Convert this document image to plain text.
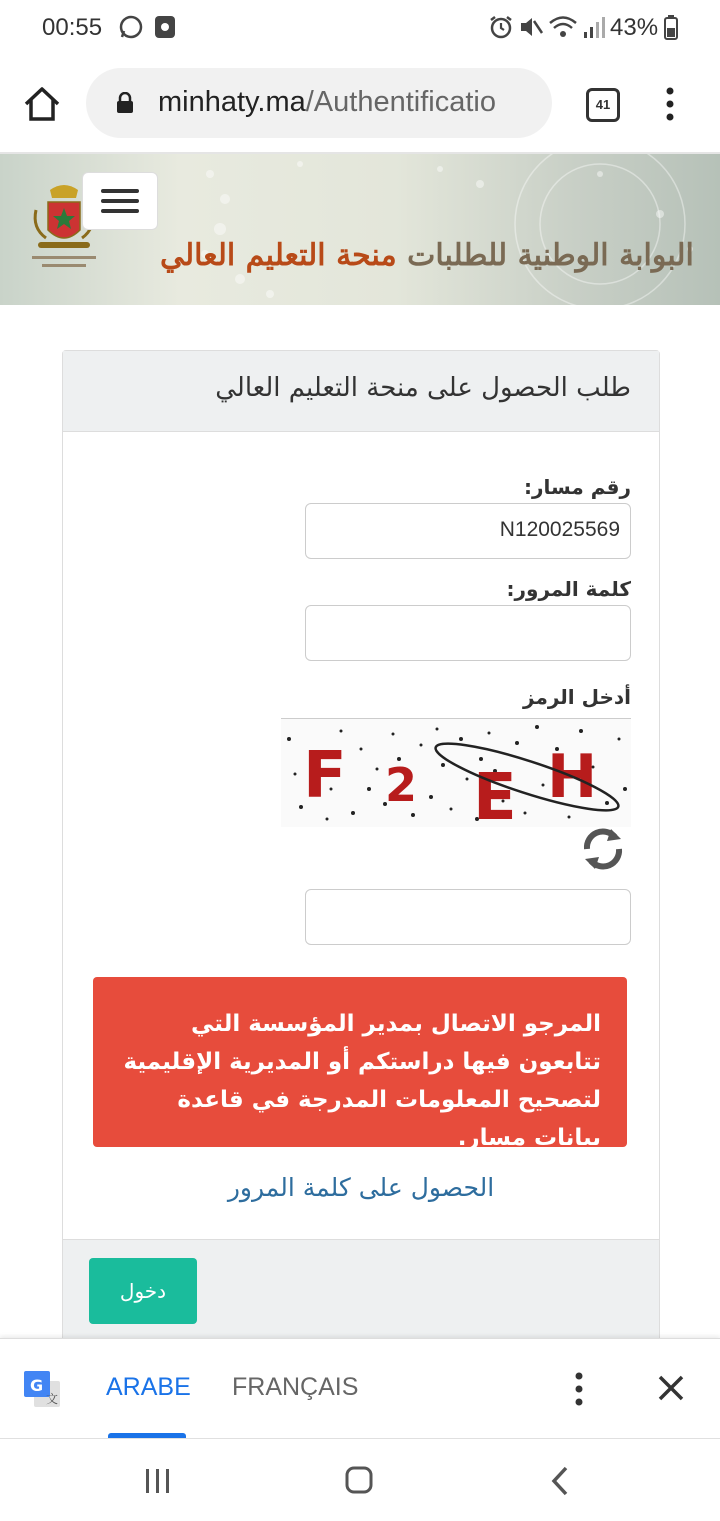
00:55	43%
minhaty.ma/Authentificatio	41
البوابة الوطنية للطلبات منحة التعليم العالي
طلب الحصول على منحة التعليم العالي
رقم مسار:
N120025569
كلمة المرور:
أدخل الرمز
F 2 E H
المرجو الاتصال بمدير المؤسسة التي تتابعون فيها دراستكم أو المديرية الإقليمية لتصحيح المعلومات المدرجة في قاعدة بيانات مسار.
الحصول على كلمة المرور
دخول
G
文 ARABE FRANÇAIS
